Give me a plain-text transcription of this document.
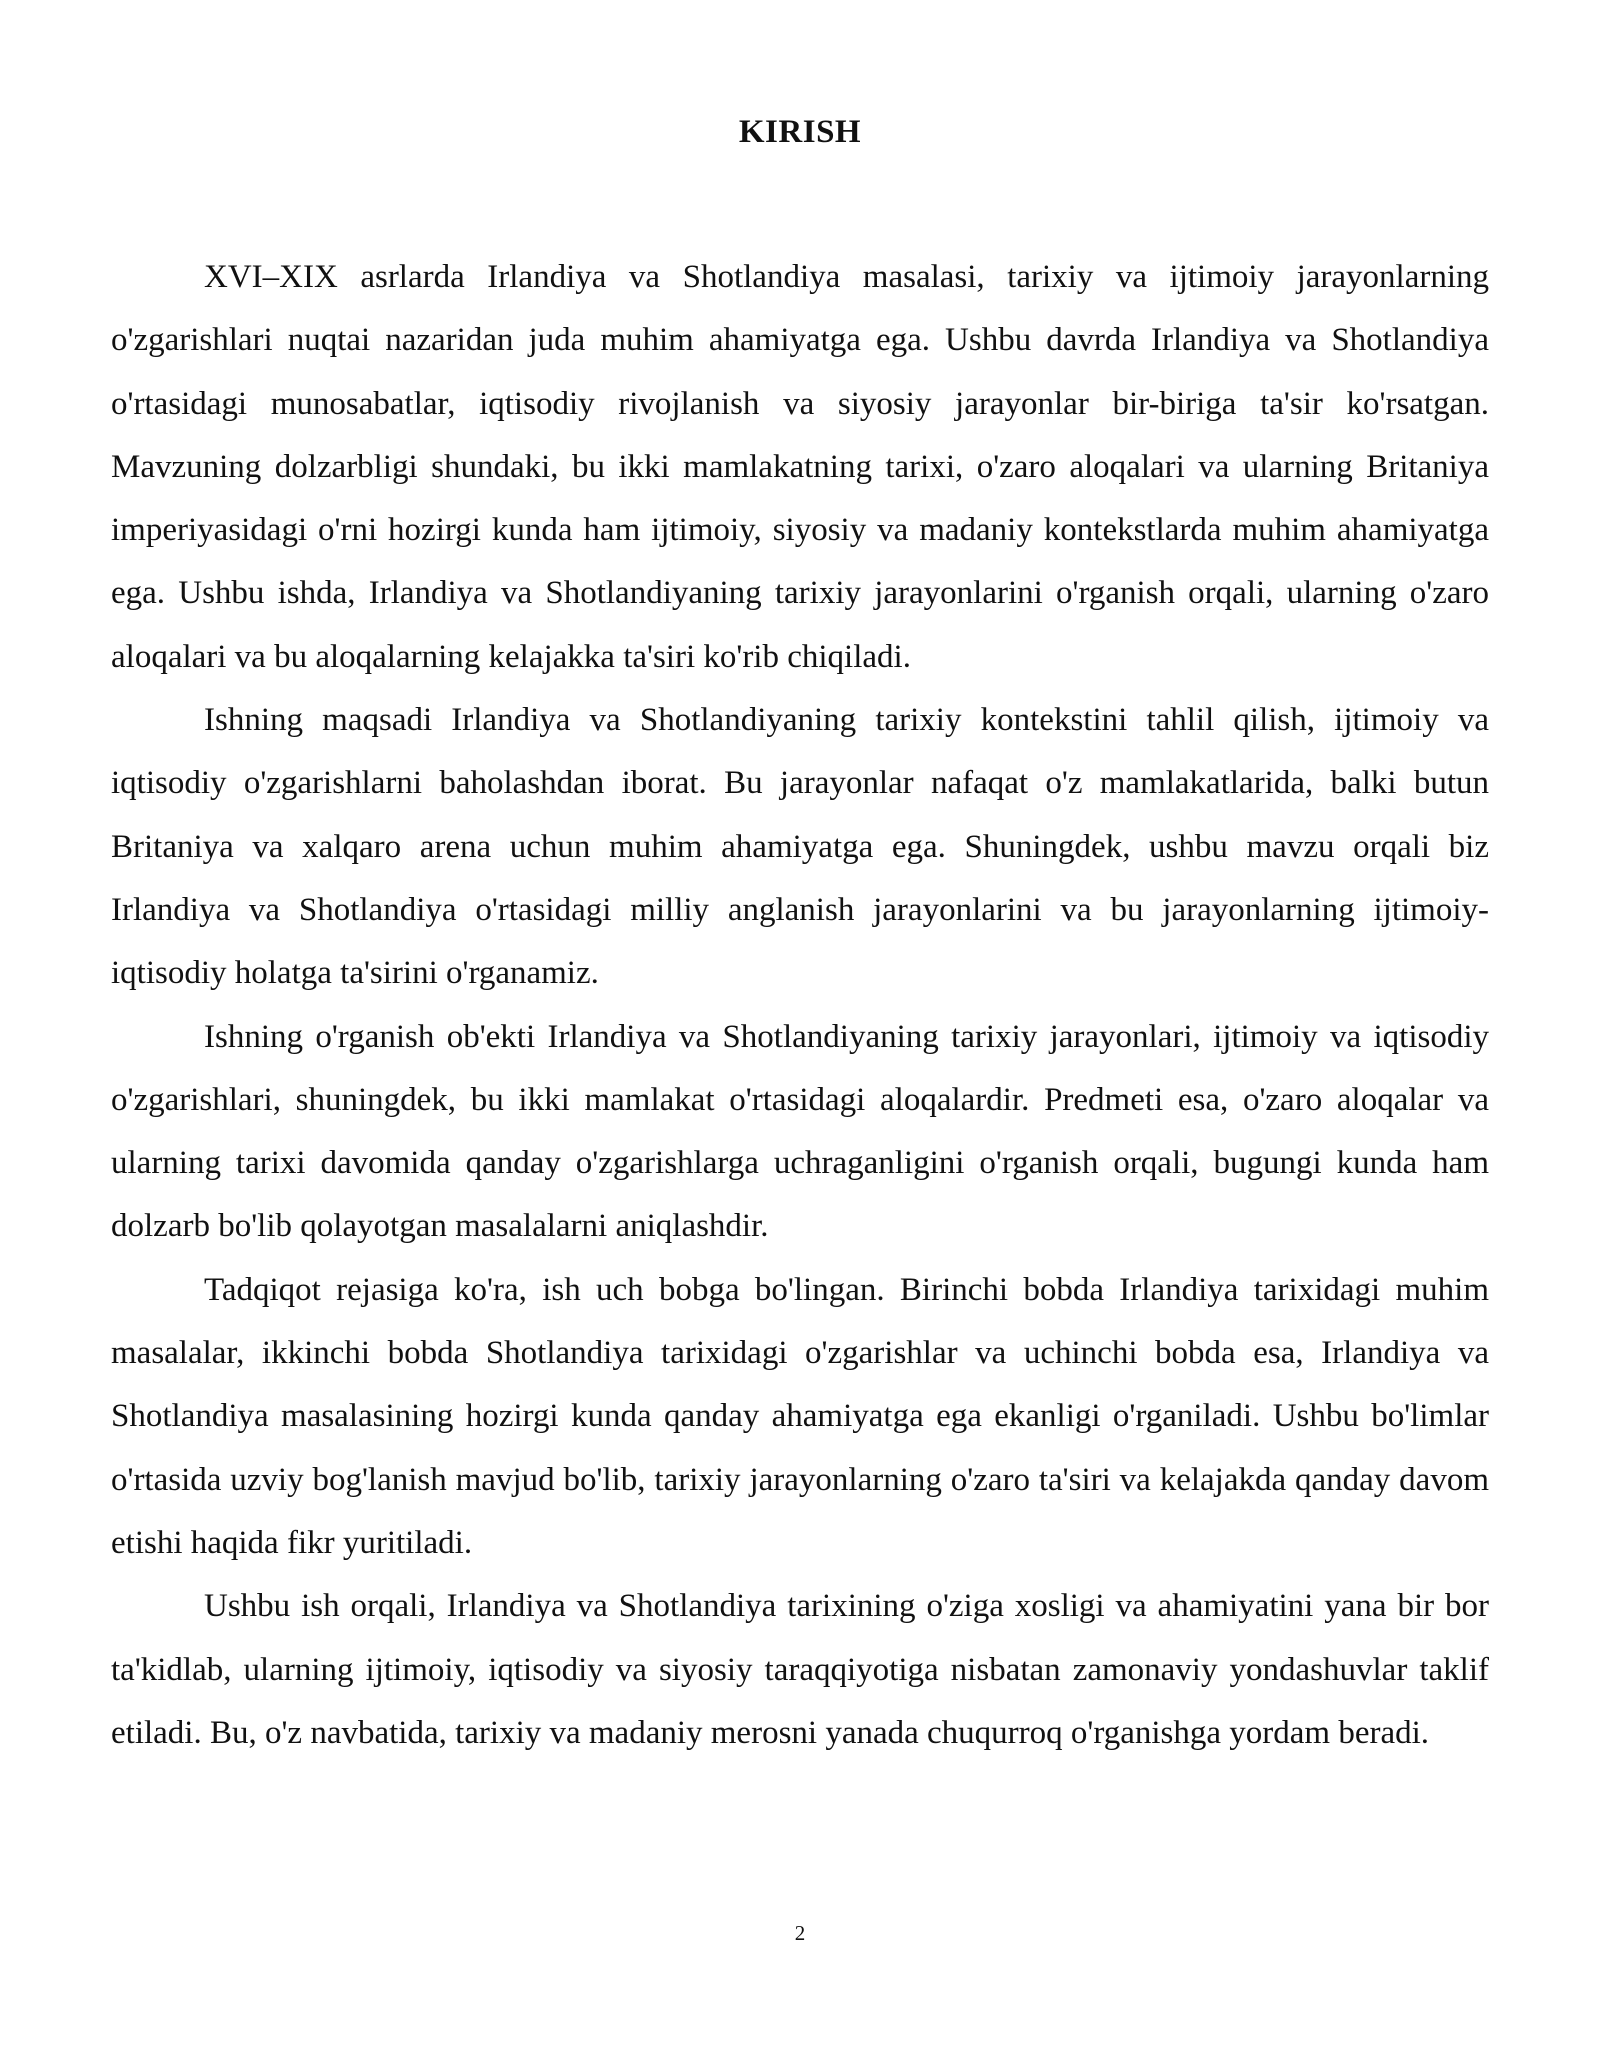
KIRISH

XVI–XIX asrlarda Irlandiya va Shotlandiya masalasi, tarixiy va ijtimoiy jarayonlarning o'zgarishlari nuqtai nazaridan juda muhim ahamiyatga ega. Ushbu davrda Irlandiya va Shotlandiya o'rtasidagi munosabatlar, iqtisodiy rivojlanish va siyosiy jarayonlar bir-biriga ta'sir ko'rsatgan. Mavzuning dolzarbligi shundaki, bu ikki mamlakatning tarixi, o'zaro aloqalari va ularning Britaniya imperiyasidagi o'rni hozirgi kunda ham ijtimoiy, siyosiy va madaniy kontekstlarda muhim ahamiyatga ega. Ushbu ishda, Irlandiya va Shotlandiyaning tarixiy jarayonlarini o'rganish orqali, ularning o'zaro aloqalari va bu aloqalarning kelajakka ta'siri ko'rib chiqiladi.

Ishning maqsadi Irlandiya va Shotlandiyaning tarixiy kontekstini tahlil qilish, ijtimoiy va iqtisodiy o'zgarishlarni baholashdan iborat. Bu jarayonlar nafaqat o'z mamlakatlarida, balki butun Britaniya va xalqaro arena uchun muhim ahamiyatga ega. Shuningdek, ushbu mavzu orqali biz Irlandiya va Shotlandiya o'rtasidagi milliy anglanish jarayonlarini va bu jarayonlarning ijtimoiy-iqtisodiy holatga ta'sirini o'rganamiz.

Ishning o'rganish ob'ekti Irlandiya va Shotlandiyaning tarixiy jarayonlari, ijtimoiy va iqtisodiy o'zgarishlari, shuningdek, bu ikki mamlakat o'rtasidagi aloqalardir. Predmeti esa, o'zaro aloqalar va ularning tarixi davomida qanday o'zgarishlarga uchraganligini o'rganish orqali, bugungi kunda ham dolzarb bo'lib qolayotgan masalalarni aniqlashdir.

Tadqiqot rejasiga ko'ra, ish uch bobga bo'lingan. Birinchi bobda Irlandiya tarixidagi muhim masalalar, ikkinchi bobda Shotlandiya tarixidagi o'zgarishlar va uchinchi bobda esa, Irlandiya va Shotlandiya masalasining hozirgi kunda qanday ahamiyatga ega ekanligi o'rganiladi. Ushbu bo'limlar o'rtasida uzviy bog'lanish mavjud bo'lib, tarixiy jarayonlarning o'zaro ta'siri va kelajakda qanday davom etishi haqida fikr yuritiladi.

Ushbu ish orqali, Irlandiya va Shotlandiya tarixining o'ziga xosligi va ahamiyatini yana bir bor ta'kidlab, ularning ijtimoiy, iqtisodiy va siyosiy taraqqiyotiga nisbatan zamonaviy yondashuvlar taklif etiladi. Bu, o'z navbatida, tarixiy va madaniy merosni yanada chuqurroq o'rganishga yordam beradi.

2
